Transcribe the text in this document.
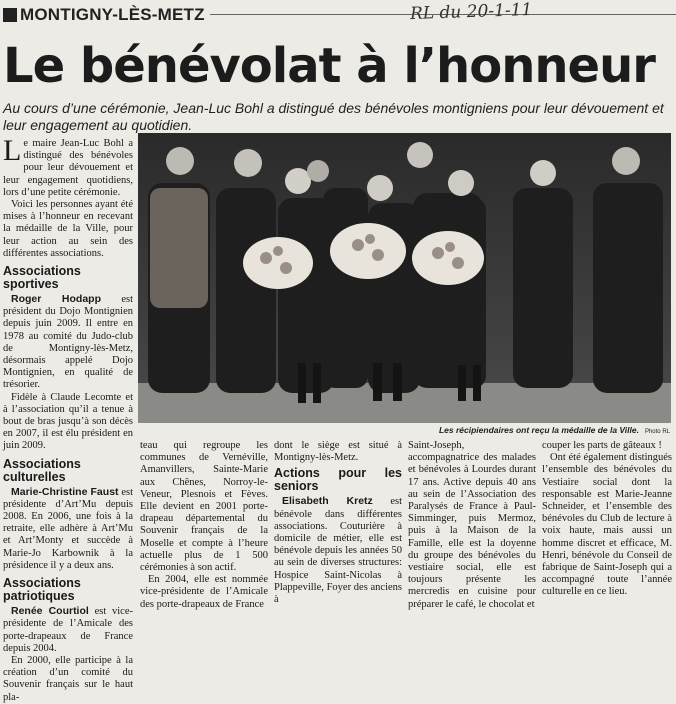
MONTIGNY-LÈS-METZ	RL du 20-1-11
Le bénévolat à l’honneur

Au cours d’une cérémonie, Jean-Luc Bohl a distingué des bénévoles montigniens pour leur dévouement et leur engagement au quotidien.

Le maire Jean-Luc Bohl a distingué des bénévoles pour leur dévouement et leur engagement quotidiens, lors d’une petite cérémonie.

Voici les personnes ayant été mises à l’honneur en recevant la médaille de la Ville, pour leur action au sein des différentes associations.

Associations sportives

Roger Hodapp est président du Dojo Montignien depuis juin 2009. Il entre en 1978 au comité du Judo-club de Montigny-lès-Metz, désormais appelé Dojo Montignien, en qualité de trésorier.

Fidèle à Claude Lecomte et à l’association qu’il a tenue à bout de bras jusqu’à son décès en 2007, il est élu président en juin 2009.

Associations culturelles

Marie-Christine Faust est présidente d’Art’Mu depuis 2008. En 2006, une fois à la retraite, elle adhère à Art’Mu et Art’Monty et succède à Marie-Jo Karbownik à la présidence il y a deux ans.

Associations patriotiques

Renée Courtiol est vice-présidente de l’Amicale des porte-drapeaux de France depuis 2004.

En 2000, elle participe à la création d’un comité du Souvenir français sur le haut pla-

Les récipiendaires ont reçu la médaille de la Ville. Photo RL

teau qui regroupe les communes de Vernéville, Amanvillers, Sainte-Marie aux Chênes, Norroy-le-Veneur, Plesnois et Fèves. Elle devient en 2001 porte-drapeau départemental du Souvenir français de la Moselle et compte à l’heure actuelle plus de 1 500 cérémonies à son actif.

En 2004, elle est nommée vice-présidente de l’Amicale des porte-drapeaux de France

dont le siège est situé à Montigny-lès-Metz.

Actions pour les seniors

Elisabeth Kretz est bénévole dans différentes associations. Couturière à domicile de métier, elle est bénévole depuis les années 50 au sein de diverses structures: Hospice Saint-Nicolas à Plappeville, Foyer des anciens à

Saint-Joseph, accompagnatrice des malades et bénévoles à Lourdes durant 17 ans. Active depuis 40 ans au sein de l’Association des Paralysés de France à Paul-Simminger, puis Mermoz, puis à la Maison de la Famille, elle est la doyenne du groupe des bénévoles du vestiaire social, elle est toujours présente les mercredis en cuisine pour préparer le café, le chocolat et

couper les parts de gâteaux !

Ont été également distingués l’ensemble des bénévoles du Vestiaire social dont la responsable est Marie-Jeanne Schneider, et l’ensemble des bénévoles du Club de lecture à voix haute, mais aussi un homme discret et efficace, M. Henri, bénévole du Conseil de fabrique de Saint-Joseph qui a accompagné toute l’année culturelle en ce lieu.
